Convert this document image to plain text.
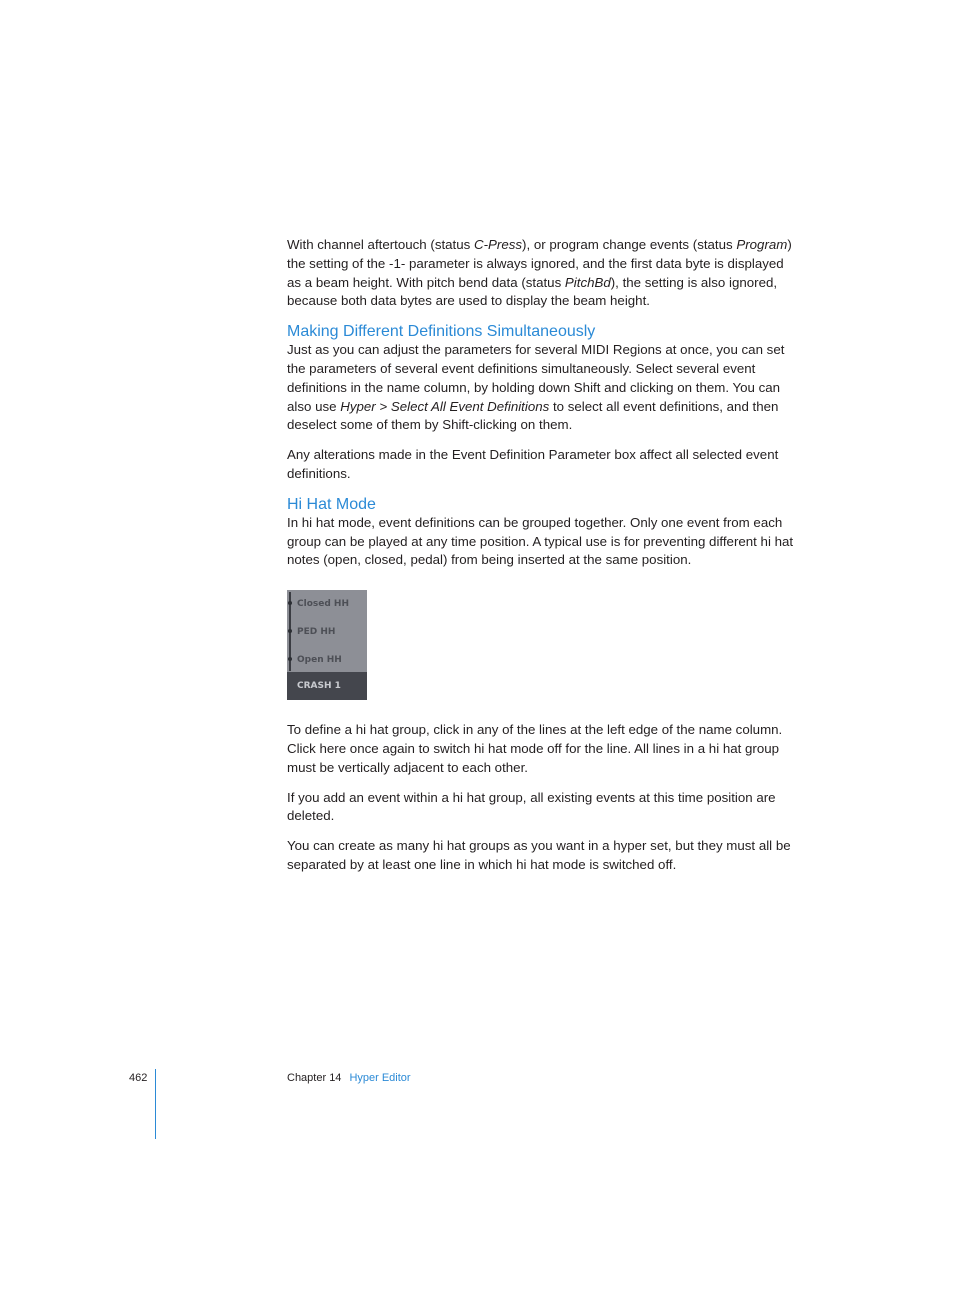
With channel aftertouch (status C-Press), or program change events (status Program) the setting of the -1- parameter is always ignored, and the first data byte is displayed as a beam height. With pitch bend data (status PitchBd), the setting is also ignored, because both data bytes are used to display the beam height.

Making Different Definitions Simultaneously

Just as you can adjust the parameters for several MIDI Regions at once, you can set the parameters of several event definitions simultaneously. Select several event definitions in the name column, by holding down Shift and clicking on them. You can also use Hyper > Select All Event Definitions to select all event definitions, and then deselect some of them by Shift-clicking on them.

Any alterations made in the Event Definition Parameter box affect all selected event definitions.

Hi Hat Mode

In hi hat mode, event definitions can be grouped together. Only one event from each group can be played at any time position. A typical use is for preventing different hi hat notes (open, closed, pedal) from being inserted at the same position.

Closed HH
PED HH
Open HH
CRASH 1

To define a hi hat group, click in any of the lines at the left edge of the name column. Click here once again to switch hi hat mode off for the line. All lines in a hi hat group must be vertically adjacent to each other.

If you add an event within a hi hat group, all existing events at this time position are deleted.

You can create as many hi hat groups as you want in a hyper set, but they must all be separated by at least one line in which hi hat mode is switched off.

462	Chapter 14 Hyper Editor
